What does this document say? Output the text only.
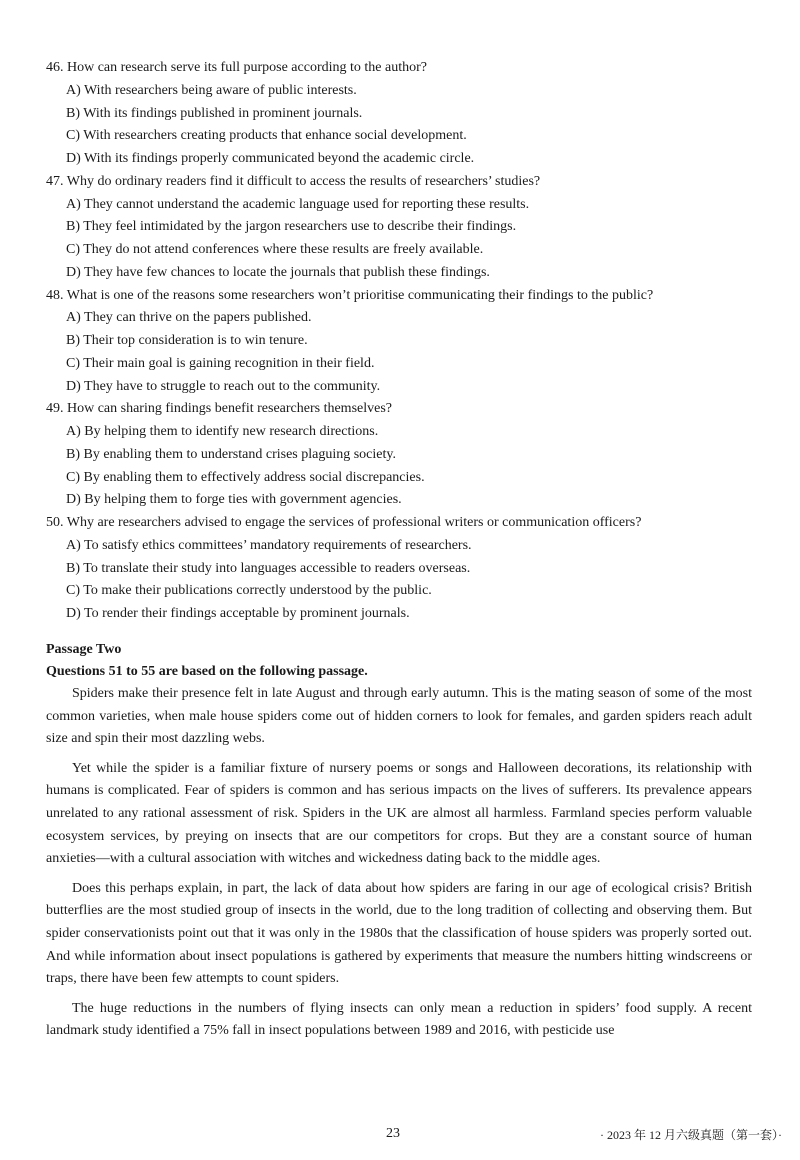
46. How can research serve its full purpose according to the author?
A) With researchers being aware of public interests.
B) With its findings published in prominent journals.
C) With researchers creating products that enhance social development.
D) With its findings properly communicated beyond the academic circle.
47. Why do ordinary readers find it difficult to access the results of researchers’ studies?
A) They cannot understand the academic language used for reporting these results.
B) They feel intimidated by the jargon researchers use to describe their findings.
C) They do not attend conferences where these results are freely available.
D) They have few chances to locate the journals that publish these findings.
48. What is one of the reasons some researchers won’t prioritise communicating their findings to the public?
A) They can thrive on the papers published.
B) Their top consideration is to win tenure.
C) Their main goal is gaining recognition in their field.
D) They have to struggle to reach out to the community.
49. How can sharing findings benefit researchers themselves?
A) By helping them to identify new research directions.
B) By enabling them to understand crises plaguing society.
C) By enabling them to effectively address social discrepancies.
D) By helping them to forge ties with government agencies.
50. Why are researchers advised to engage the services of professional writers or communication officers?
A) To satisfy ethics committees’ mandatory requirements of researchers.
B) To translate their study into languages accessible to readers overseas.
C) To make their publications correctly understood by the public.
D) To render their findings acceptable by prominent journals.
Passage Two
Questions 51 to 55 are based on the following passage.

Spiders make their presence felt in late August and through early autumn. This is the mating season of some of the most common varieties, when male house spiders come out of hidden corners to look for females, and garden spiders reach adult size and spin their most dazzling webs.

Yet while the spider is a familiar fixture of nursery poems or songs and Halloween decorations, its relationship with humans is complicated. Fear of spiders is common and has serious impacts on the lives of sufferers. Its prevalence appears unrelated to any rational assessment of risk. Spiders in the UK are almost all harmless. Farmland species perform valuable ecosystem services, by preying on insects that are our competitors for crops. But they are a constant source of human anxieties—with a cultural association with witches and wickedness dating back to the middle ages.

Does this perhaps explain, in part, the lack of data about how spiders are faring in our age of ecological crisis? British butterflies are the most studied group of insects in the world, due to the long tradition of collecting and observing them. But spider conservationists point out that it was only in the 1980s that the classification of house spiders was properly sorted out. And while information about insect populations is gathered by experiments that measure the numbers hitting windscreens or traps, there have been few attempts to count spiders.

The huge reductions in the numbers of flying insects can only mean a reduction in spiders’ food supply. A recent landmark study identified a 75% fall in insect populations between 1989 and 2016, with pesticide use

23	· 2023 年 12 月六级真题（第一套）·
